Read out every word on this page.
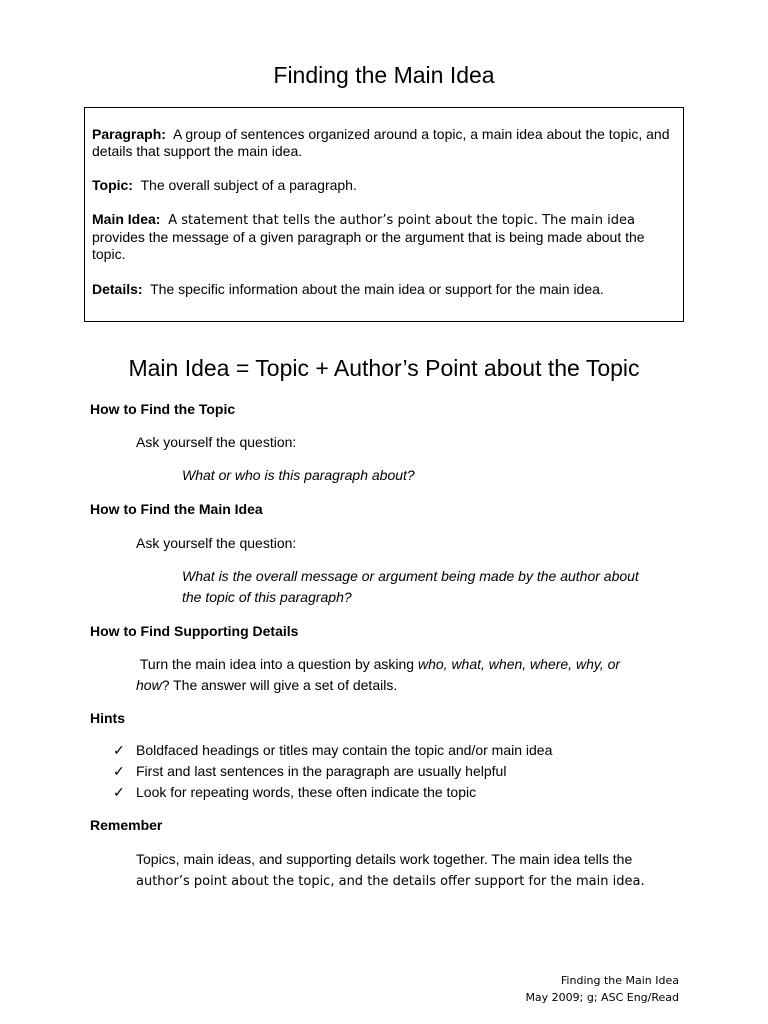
Finding the Main Idea

Paragraph: A group of sentences organized around a topic, a main idea about the topic, and details that support the main idea.

Topic: The overall subject of a paragraph.

Main Idea: A statement that tells the author’s point about the topic. The main idea
provides the message of a given paragraph or the argument that is being made about the topic.

Details: The specific information about the main idea or support for the main idea.

Main Idea = Topic + Author’s Point about the Topic

How to Find the Topic

Ask yourself the question:

What or who is this paragraph about?

How to Find the Main Idea

Ask yourself the question:

What is the overall message or argument being made by the author about
the topic of this paragraph?

How to Find Supporting Details

Turn the main idea into a question by asking who, what, when, where, why, or
how? The answer will give a set of details.

Hints

✓ Boldfaced headings or titles may contain the topic and/or main idea
✓ First and last sentences in the paragraph are usually helpful
✓ Look for repeating words, these often indicate the topic

Remember

Topics, main ideas, and supporting details work together. The main idea tells the
author’s point about the topic, and the details offer support for the main idea.

Finding the Main Idea
May 2009; g; ASC Eng/Read
